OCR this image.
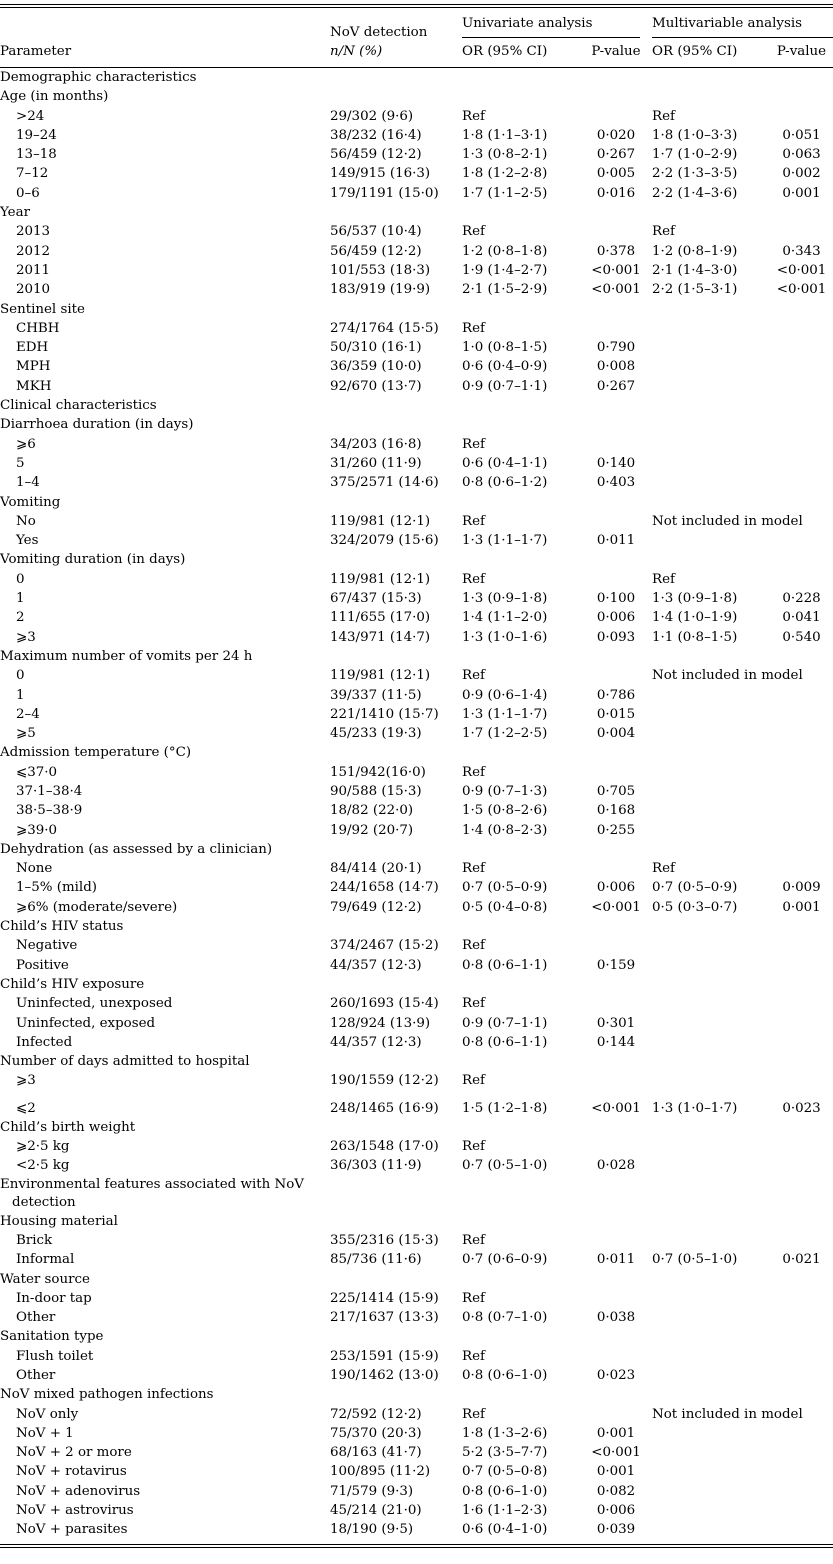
Parameter	NoV detection
n/N (%)	Univariate analysis		Multivariable analysis	

		OR (95% CI)	P-value	OR (95% CI)	P-value

Demographic characteristics					
Age (in months)					
>24	29/302 (9·6)	Ref		Ref	
19–24	38/232 (16·4)	1·8 (1·1–3·1)	0·020	1·8 (1·0–3·3)	0·051
13–18	56/459 (12·2)	1·3 (0·8–2·1)	0·267	1·7 (1·0–2·9)	0·063
7–12	149/915 (16·3)	1·8 (1·2–2·8)	0·005	2·2 (1·3–3·5)	0·002
0–6	179/1191 (15·0)	1·7 (1·1–2·5)	0·016	2·2 (1·4–3·6)	0·001
Year					
2013	56/537 (10·4)	Ref		Ref	
2012	56/459 (12·2)	1·2 (0·8–1·8)	0·378	1·2 (0·8–1·9)	0·343
2011	101/553 (18·3)	1·9 (1·4–2·7)	<0·001	2·1 (1·4–3·0)	<0·001
2010	183/919 (19·9)	2·1 (1·5–2·9)	<0·001	2·2 (1·5–3·1)	<0·001
Sentinel site					
CHBH	274/1764 (15·5)	Ref			
EDH	50/310 (16·1)	1·0 (0·8–1·5)	0·790		
MPH	36/359 (10·0)	0·6 (0·4–0·9)	0·008		
MKH	92/670 (13·7)	0·9 (0·7–1·1)	0·267		
Clinical characteristics					
Diarrhoea duration (in days)					
⩾6	34/203 (16·8)	Ref			
5	31/260 (11·9)	0·6 (0·4–1·1)	0·140		
1–4	375/2571 (14·6)	0·8 (0·6–1·2)	0·403		
Vomiting					
No	119/981 (12·1)	Ref		Not included in model	
Yes	324/2079 (15·6)	1·3 (1·1–1·7)	0·011		
Vomiting duration (in days)					
0	119/981 (12·1)	Ref		Ref	
1	67/437 (15·3)	1·3 (0·9–1·8)	0·100	1·3 (0·9–1·8)	0·228
2	111/655 (17·0)	1·4 (1·1–2·0)	0·006	1·4 (1·0–1·9)	0·041
⩾3	143/971 (14·7)	1·3 (1·0–1·6)	0·093	1·1 (0·8–1·5)	0·540
Maximum number of vomits per 24 h					
0	119/981 (12·1)	Ref		Not included in model	
1	39/337 (11·5)	0·9 (0·6–1·4)	0·786		
2–4	221/1410 (15·7)	1·3 (1·1–1·7)	0·015		
⩾5	45/233 (19·3)	1·7 (1·2–2·5)	0·004		
Admission temperature (°C)					
⩽37·0	151/942(16·0)	Ref			
37·1–38·4	90/588 (15·3)	0·9 (0·7–1·3)	0·705		
38·5–38·9	18/82 (22·0)	1·5 (0·8–2·6)	0·168		
⩾39·0	19/92 (20·7)	1·4 (0·8–2·3)	0·255		
Dehydration (as assessed by a clinician)					
None	84/414 (20·1)	Ref		Ref	
1–5% (mild)	244/1658 (14·7)	0·7 (0·5–0·9)	0·006	0·7 (0·5–0·9)	0·009
⩾6% (moderate/severe)	79/649 (12·2)	0·5 (0·4–0·8)	<0·001	0·5 (0·3–0·7)	0·001
Child’s HIV status					
Negative	374/2467 (15·2)	Ref			
Positive	44/357 (12·3)	0·8 (0·6–1·1)	0·159		
Child’s HIV exposure					
Uninfected, unexposed	260/1693 (15·4)	Ref			
Uninfected, exposed	128/924 (13·9)	0·9 (0·7–1·1)	0·301		
Infected	44/357 (12·3)	0·8 (0·6–1·1)	0·144		
Number of days admitted to hospital					
⩾3	190/1559 (12·2)	Ref			
⩽2	248/1465 (16·9)	1·5 (1·2–1·8)	<0·001	1·3 (1·0–1·7)	0·023
Child’s birth weight					
⩾2·5 kg	263/1548 (17·0)	Ref			
<2·5 kg	36/303 (11·9)	0·7 (0·5–1·0)	0·028		
Environmental features associated with NoV detection					
Housing material					
Brick	355/2316 (15·3)	Ref			
Informal	85/736 (11·6)	0·7 (0·6–0·9)	0·011	0·7 (0·5–1·0)	0·021
Water source					
In-door tap	225/1414 (15·9)	Ref			
Other	217/1637 (13·3)	0·8 (0·7–1·0)	0·038		
Sanitation type					
Flush toilet	253/1591 (15·9)	Ref			
Other	190/1462 (13·0)	0·8 (0·6–1·0)	0·023		
NoV mixed pathogen infections					
NoV only	72/592 (12·2)	Ref		Not included in model	
NoV + 1	75/370 (20·3)	1·8 (1·3–2·6)	0·001		
NoV + 2 or more	68/163 (41·7)	5·2 (3·5–7·7)	<0·001		
NoV + rotavirus	100/895 (11·2)	0·7 (0·5–0·8)	0·001		
NoV + adenovirus	71/579 (9·3)	0·8 (0·6–1·0)	0·082		
NoV + astrovirus	45/214 (21·0)	1·6 (1·1–2·3)	0·006		
NoV + parasites	18/190 (9·5)	0·6 (0·4–1·0)	0·039		
